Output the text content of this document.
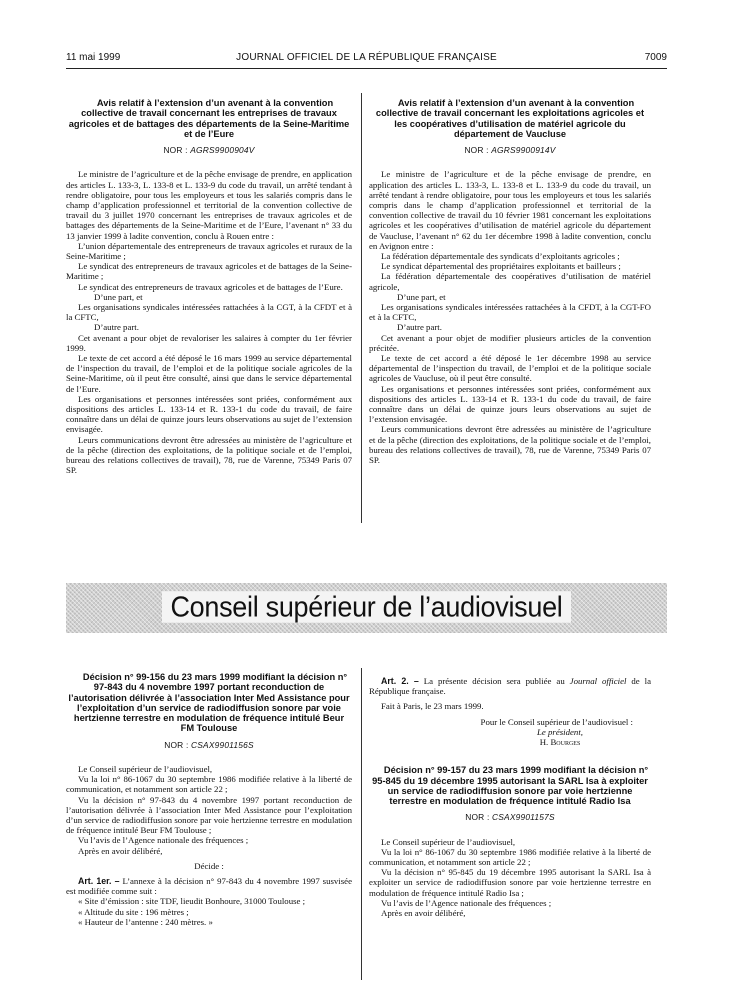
11 mai 1999	JOURNAL OFFICIEL DE LA RÉPUBLIQUE FRANÇAISE	7009

Avis relatif à l’extension d’un avenant à la convention collective de travail concernant les entreprises de travaux agricoles et de battages des départements de la Seine-Maritime et de l’Eure

NOR : AGRS9900904V

Le ministre de l’agriculture et de la pêche envisage de prendre, en application des articles L. 133-3, L. 133-8 et L. 133-9 du code du travail, un arrêté tendant à rendre obligatoire, pour tous les employeurs et tous les salariés compris dans le champ d’application professionnel et territorial de la convention collective de travail du 3 juillet 1970 concernant les entreprises de travaux agricoles et de battages des départements de la Seine-Maritime et de l’Eure, l’avenant n° 33 du 13 janvier 1999 à ladite convention, conclu à Rouen entre :

L’union départementale des entrepreneurs de travaux agricoles et ruraux de la Seine-Maritime ;

Le syndicat des entrepreneurs de travaux agricoles et de battages de la Seine-Maritime ;

Le syndicat des entrepreneurs de travaux agricoles et de battages de l’Eure.

D’une part, et

Les organisations syndicales intéressées rattachées à la CGT, à la CFDT et à la CFTC,

D’autre part.

Cet avenant a pour objet de revaloriser les salaires à compter du 1er février 1999.

Le texte de cet accord a été déposé le 16 mars 1999 au service départemental de l’inspection du travail, de l’emploi et de la politique sociale agricoles de la Seine-Maritime, où il peut être consulté, ainsi que dans le service départemental de l’Eure.

Les organisations et personnes intéressées sont priées, conformément aux dispositions des articles L. 133-14 et R. 133-1 du code du travail, de faire connaître dans un délai de quinze jours leurs observations au sujet de l’extension envisagée.

Leurs communications devront être adressées au ministère de l’agriculture et de la pêche (direction des exploitations, de la politique sociale et de l’emploi, bureau des relations collectives de travail), 78, rue de Varenne, 75349 Paris 07 SP.

Avis relatif à l’extension d’un avenant à la convention collective de travail concernant les exploitations agricoles et les coopératives d’utilisation de matériel agricole du département de Vaucluse

NOR : AGRS9900914V

Le ministre de l’agriculture et de la pêche envisage de prendre, en application des articles L. 133-3, L. 133-8 et L. 133-9 du code du travail, un arrêté tendant à rendre obligatoire, pour tous les employeurs et tous les salariés compris dans le champ d’application professionnel et territorial de la convention collective de travail du 10 février 1981 concernant les exploitations agricoles et les coopératives d’utilisation de matériel agricole du département de Vaucluse, l’avenant n° 62 du 1er décembre 1998 à ladite convention, conclu en Avignon entre :

La fédération départementale des syndicats d’exploitants agricoles ;

Le syndicat départemental des propriétaires exploitants et bailleurs ;

La fédération départementale des coopératives d’utilisation de matériel agricole,

D’une part, et

Les organisations syndicales intéressées rattachées à la CFDT, à la CGT-FO et à la CFTC,

D’autre part.

Cet avenant a pour objet de modifier plusieurs articles de la convention précitée.

Le texte de cet accord a été déposé le 1er décembre 1998 au service départemental de l’inspection du travail, de l’emploi et de la politique sociale agricoles de Vaucluse, où il peut être consulté.

Les organisations et personnes intéressées sont priées, conformément aux dispositions des articles L. 133-14 et R. 133-1 du code du travail, de faire connaître dans un délai de quinze jours leurs observations au sujet de l’extension envisagée.

Leurs communications devront être adressées au ministère de l’agriculture et de la pêche (direction des exploitations, de la politique sociale et de l’emploi, bureau des relations collectives de travail), 78, rue de Varenne, 75349 Paris 07 SP.

Conseil supérieur de l’audiovisuel

Décision n° 99-156 du 23 mars 1999 modifiant la décision n° 97-843 du 4 novembre 1997 portant reconduction de l’autorisation délivrée à l’association Inter Med Assistance pour l’exploitation d’un service de radiodiffusion sonore par voie hertzienne terrestre en modulation de fréquence intitulé Beur FM Toulouse

NOR : CSAX9901156S

Le Conseil supérieur de l’audiovisuel,

Vu la loi n° 86-1067 du 30 septembre 1986 modifiée relative à la liberté de communication, et notamment son article 22 ;

Vu la décision n° 97-843 du 4 novembre 1997 portant reconduction de l’autorisation délivrée à l’association Inter Med Assistance pour l’exploitation d’un service de radiodiffusion sonore par voie hertzienne terrestre en modulation de fréquence intitulé Beur FM Toulouse ;

Vu l’avis de l’Agence nationale des fréquences ;

Après en avoir délibéré,

Décide :

Art. 1er. – L’annexe à la décision n° 97-843 du 4 novembre 1997 susvisée est modifiée comme suit :

« Site d’émission : site TDF, lieudit Bonhoure, 31000 Toulouse ;

« Altitude du site : 196 mètres ;

« Hauteur de l’antenne : 240 mètres. »

Art. 2. – La présente décision sera publiée au Journal officiel de la République française.

Fait à Paris, le 23 mars 1999.

Pour le Conseil supérieur de l’audiovisuel :

Le président,

H. Bourges

Décision n° 99-157 du 23 mars 1999 modifiant la décision n° 95-845 du 19 décembre 1995 autorisant la SARL Isa à exploiter un service de radiodiffusion sonore par voie hertzienne terrestre en modulation de fréquence intitulé Radio Isa

NOR : CSAX9901157S

Le Conseil supérieur de l’audiovisuel,

Vu la loi n° 86-1067 du 30 septembre 1986 modifiée relative à la liberté de communication, et notamment son article 22 ;

Vu la décision n° 95-845 du 19 décembre 1995 autorisant la SARL Isa à exploiter un service de radiodiffusion sonore par voie hertzienne terrestre en modulation de fréquence intitulé Radio Isa ;

Vu l’avis de l’Agence nationale des fréquences ;

Après en avoir délibéré,
